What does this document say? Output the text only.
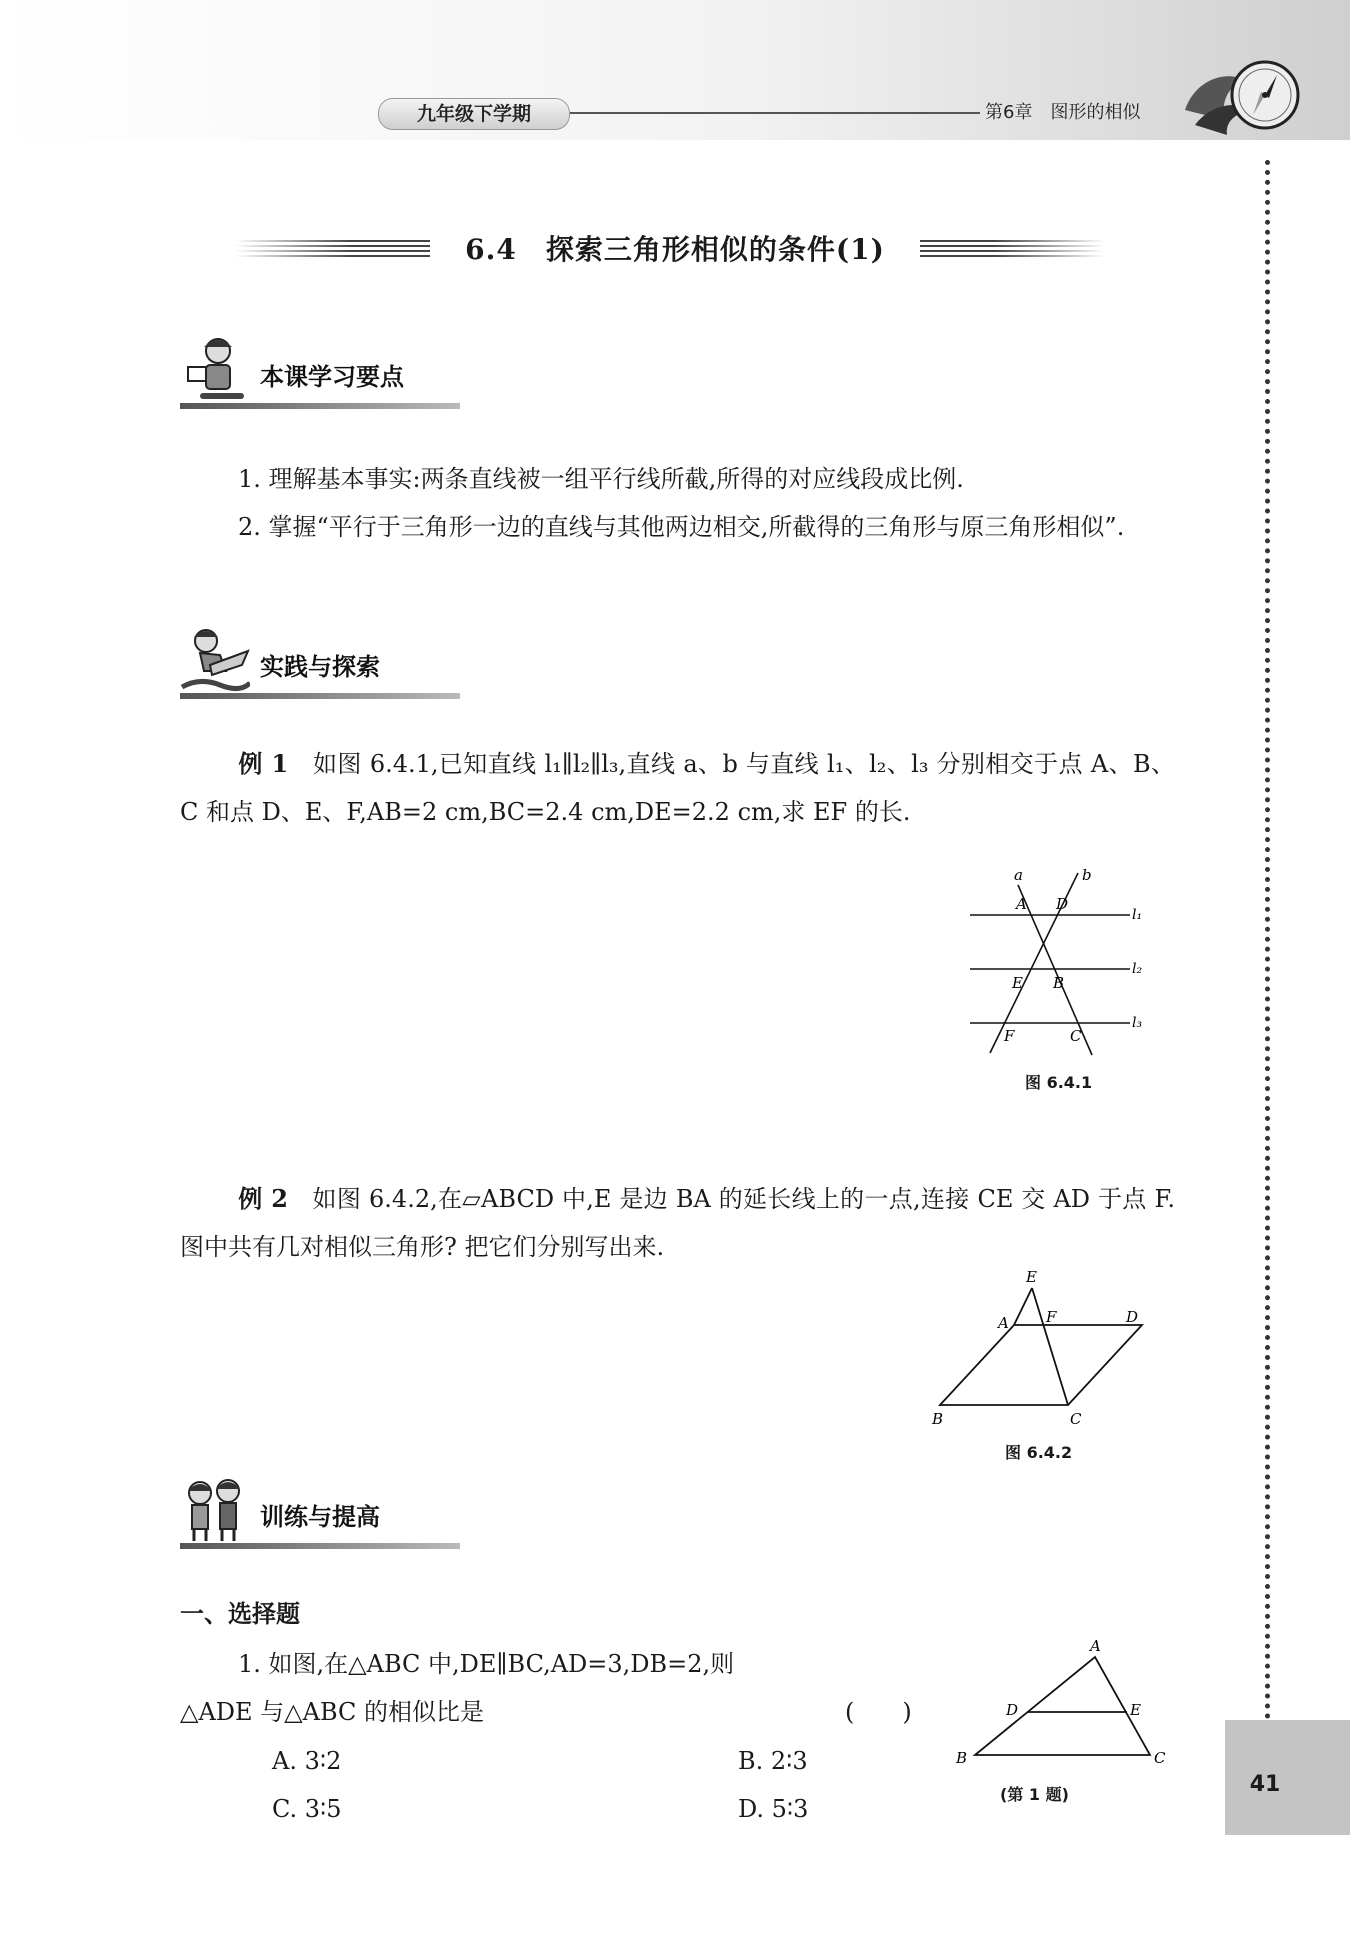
九年级下学期	第6章　图形的相似
41
6.4　探索三角形相似的条件(1)
本课学习要点
1. 理解基本事实:两条直线被一组平行线所截,所得的对应线段成比例.
2. 掌握“平行于三角形一边的直线与其他两边相交,所截得的三角形与原三角形相似”.
实践与探索
例 1　 如图 6.4.1,已知直线 l₁∥l₂∥l₃,直线 a、b 与直线 l₁、l₂、l₃ 分别相交于点 A、B、C 和点 D、E、F,AB=2 cm,BC=2.4 cm,DE=2.2 cm,求 EF 的长.
a	b
A D
E B
F	C
l₁
l₂
l₃
图 6.4.1
例 2　 如图 6.4.2,在▱ABCD 中,E 是边 BA 的延长线上的一点,连接 CE 交 AD 于点 F.图中共有几对相似三角形? 把它们分别写出来.
E
A F	D
B	C
图 6.4.2
训练与提高
一、选择题
1. 如图,在△ABC 中,DE∥BC,AD=3,DB=2,则
△ADE 与△ABC 的相似比是	(　　)
A. 3∶2	B. 2∶3
C. 3∶5	D. 5∶3
A
D	E
B	C
(第 1 题)
